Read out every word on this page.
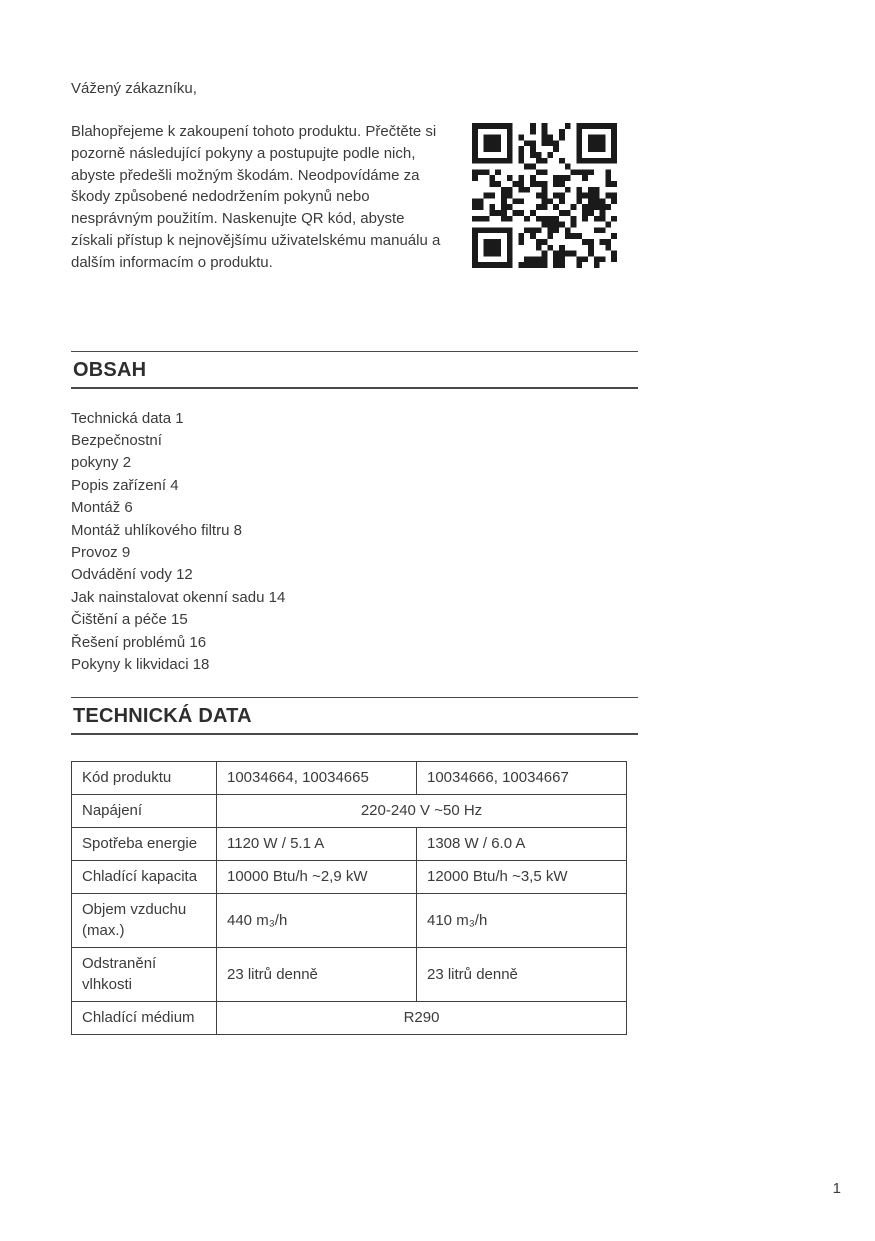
Vážený zákazníku,

Blahopřejeme k zakoupení tohoto produktu. Přečtěte si pozorně následující pokyny a postupujte podle nich, abyste předešli možným škodám. Neodpovídáme za škody způsobené nedodržením pokynů nebo nesprávným použitím. Naskenujte QR kód, abyste získali přístup k nejnovějšímu uživatelskému manuálu a dalším informacím o produktu.

OBSAH
Technická data 1
Bezpečnostní
pokyny 2
Popis zařízení 4
Montáž 6
Montáž uhlíkového filtru 8
Provoz 9
Odvádění vody 12
Jak nainstalovat okenní sadu 14
Čištění a péče 15
Řešení problémů 16
Pokyny k likvidaci 18
TECHNICKÁ DATA
Kód produktu	10034664, 10034665	10034666, 10034667
Napájení	220-240 V ~50 Hz	
Spotřeba energie	1120 W / 5.1 A	1308 W / 6.0 A
Chladící kapacita	10000 Btu/h ~2,9 kW	12000 Btu/h ~3,5 kW
Objem vzduchu (max.)	440 m₃/h	410 m₃/h
Odstranění vlhkosti	23 litrů denně	23 litrů denně
Chladící médium	R290	
1
